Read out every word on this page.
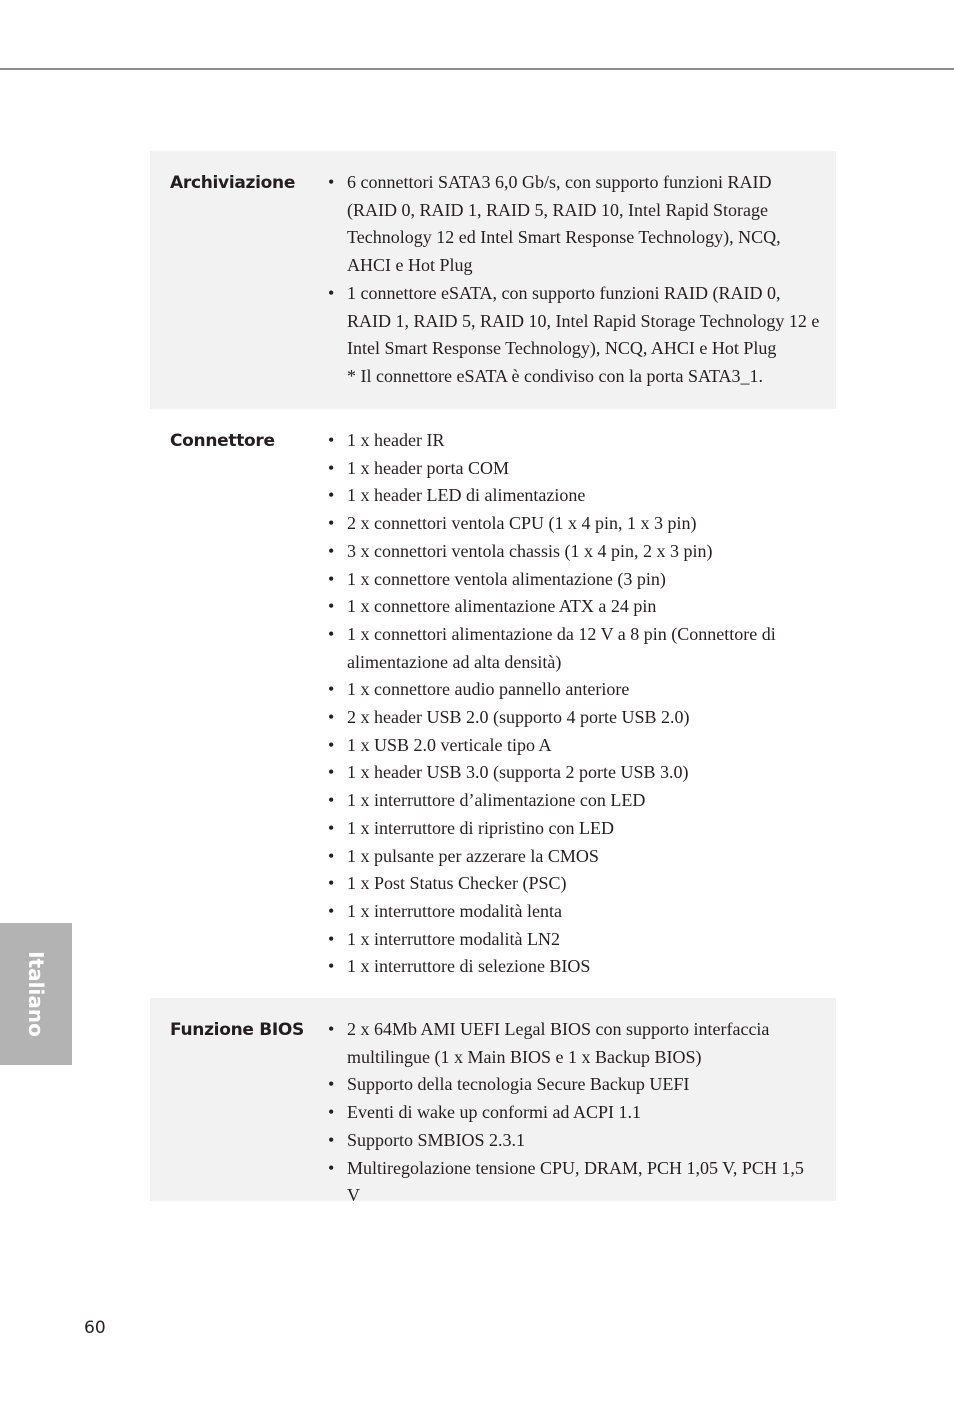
Archiviazione	• 6 connettori SATA3 6,0 Gb/s, con supporto funzioni RAID (RAID 0, RAID 1, RAID 5, RAID 10, Intel Rapid Storage Technology 12 ed Intel Smart Response Technology), NCQ, AHCI e Hot Plug
• 1 connettore eSATA, con supporto funzioni RAID (RAID 0, RAID 1, RAID 5, RAID 10, Intel Rapid Storage Technology 12 e Intel Smart Response Technology), NCQ, AHCI e Hot Plug
* Il connettore eSATA è condiviso con la porta SATA3_1.
Connettore	• 1 x header IR
• 1 x header porta COM
• 1 x header LED di alimentazione
• 2 x connettori ventola CPU (1 x 4 pin, 1 x 3 pin)
• 3 x connettori ventola chassis (1 x 4 pin, 2 x 3 pin)
• 1 x connettore ventola alimentazione (3 pin)
• 1 x connettore alimentazione ATX a 24 pin
• 1 x connettori alimentazione da 12 V a 8 pin (Connettore di alimentazione ad alta densità)
• 1 x connettore audio pannello anteriore
• 2 x header USB 2.0 (supporto 4 porte USB 2.0)
• 1 x USB 2.0 verticale tipo A
• 1 x header USB 3.0 (supporta 2 porte USB 3.0)
• 1 x interruttore d’alimentazione con LED
• 1 x interruttore di ripristino con LED
• 1 x pulsante per azzerare la CMOS
• 1 x Post Status Checker (PSC)
• 1 x interruttore modalità lenta
• 1 x interruttore modalità LN2
• 1 x interruttore di selezione BIOS
Funzione BIOS	• 2 x 64Mb AMI UEFI Legal BIOS con supporto interfaccia multilingue (1 x Main BIOS e 1 x Backup BIOS)
• Supporto della tecnologia Secure Backup UEFI
• Eventi di wake up conformi ad ACPI 1.1
• Supporto SMBIOS 2.3.1
• Multiregolazione tensione CPU, DRAM, PCH 1,05 V, PCH 1,5 V
Italiano
60
